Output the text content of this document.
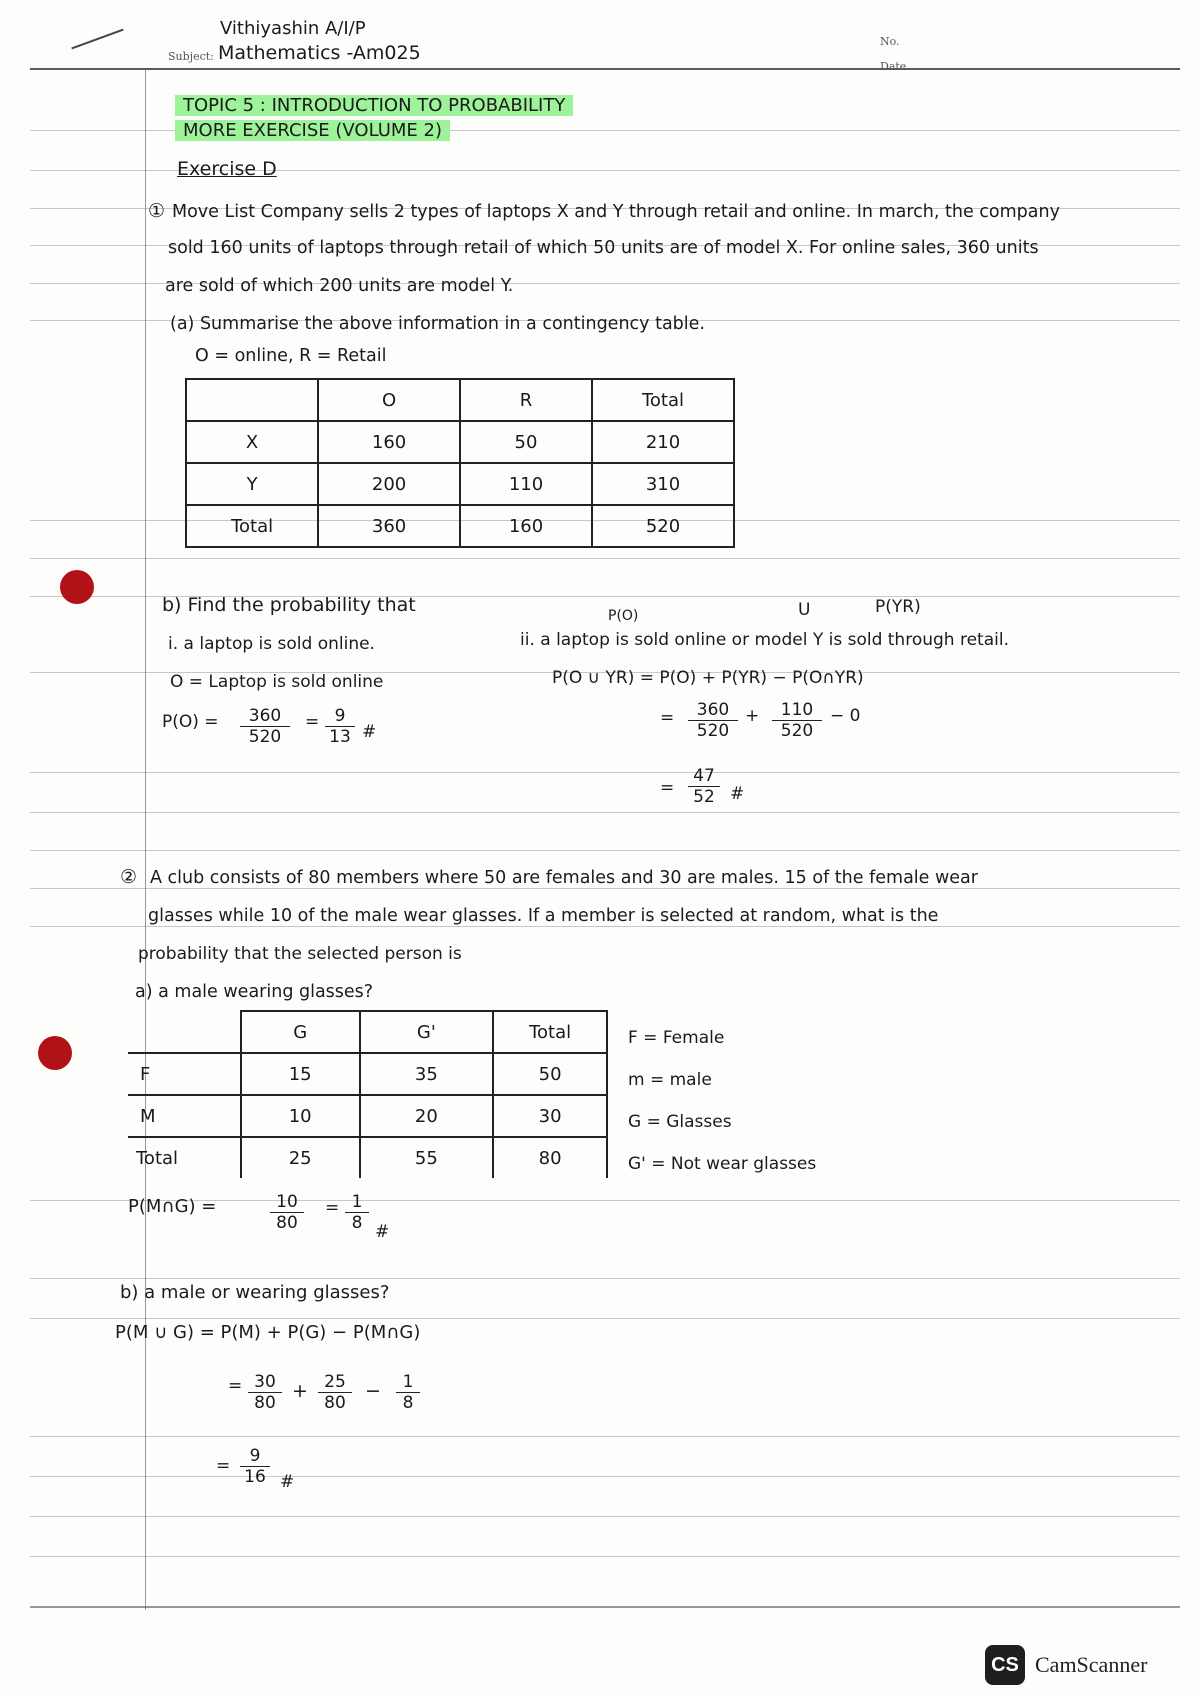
Vithiyashin A/I/P
Subject: Mathematics -Am025
No.
Date
TOPIC 5 : INTRODUCTION TO PROBABILITY
MORE EXERCISE (VOLUME 2)
Exercise D
① Move List Company sells 2 types of laptops X and Y through retail and online. In march, the company
sold 160 units of laptops through retail of which 50 units are of model X. For online sales, 360 units
are sold of which 200 units are model Y.
(a) Summarise the above information in a contingency table.
O = online, R = Retail
	O	R	Total
X	160	50	210
Y	200	110	310
Total	360	160	520
b) Find the probability that
i. a laptop is sold online.
O = Laptop is sold online
$P(O) = \frac{360}{520} = \frac{9}{13}$ #
P(O)	U	P(YR)
ii. a laptop is sold online or model Y is sold through retail.
P(O ∪ YR) = P(O) + P(YR) − P(O∩YR)
= $\frac{360}{520} + \frac{110}{520} - 0$
= $\frac{47}{52}$ #
② A club consists of 80 members where 50 are females and 30 are males. 15 of the female wear
glasses while 10 of the male wear glasses. If a member is selected at random, what is the
probability that the selected person is
a) a male wearing glasses?
	G	G'	Total
F	15	35	50
M	10	20	30
Total	25	55	80
F = Female
m = male
G = Glasses
G' = Not wear glasses
P(M∩G) =	$\frac{10}{80} = \frac{1}{8}$ #
b) a male or wearing glasses?
P(M ∪ G) = P(M) + P(G) − P(M∩G)
= $\frac{30}{80} + \frac{25}{80} - \frac{1}{8}$
= $\frac{9}{16}$ #
CS CamScanner
